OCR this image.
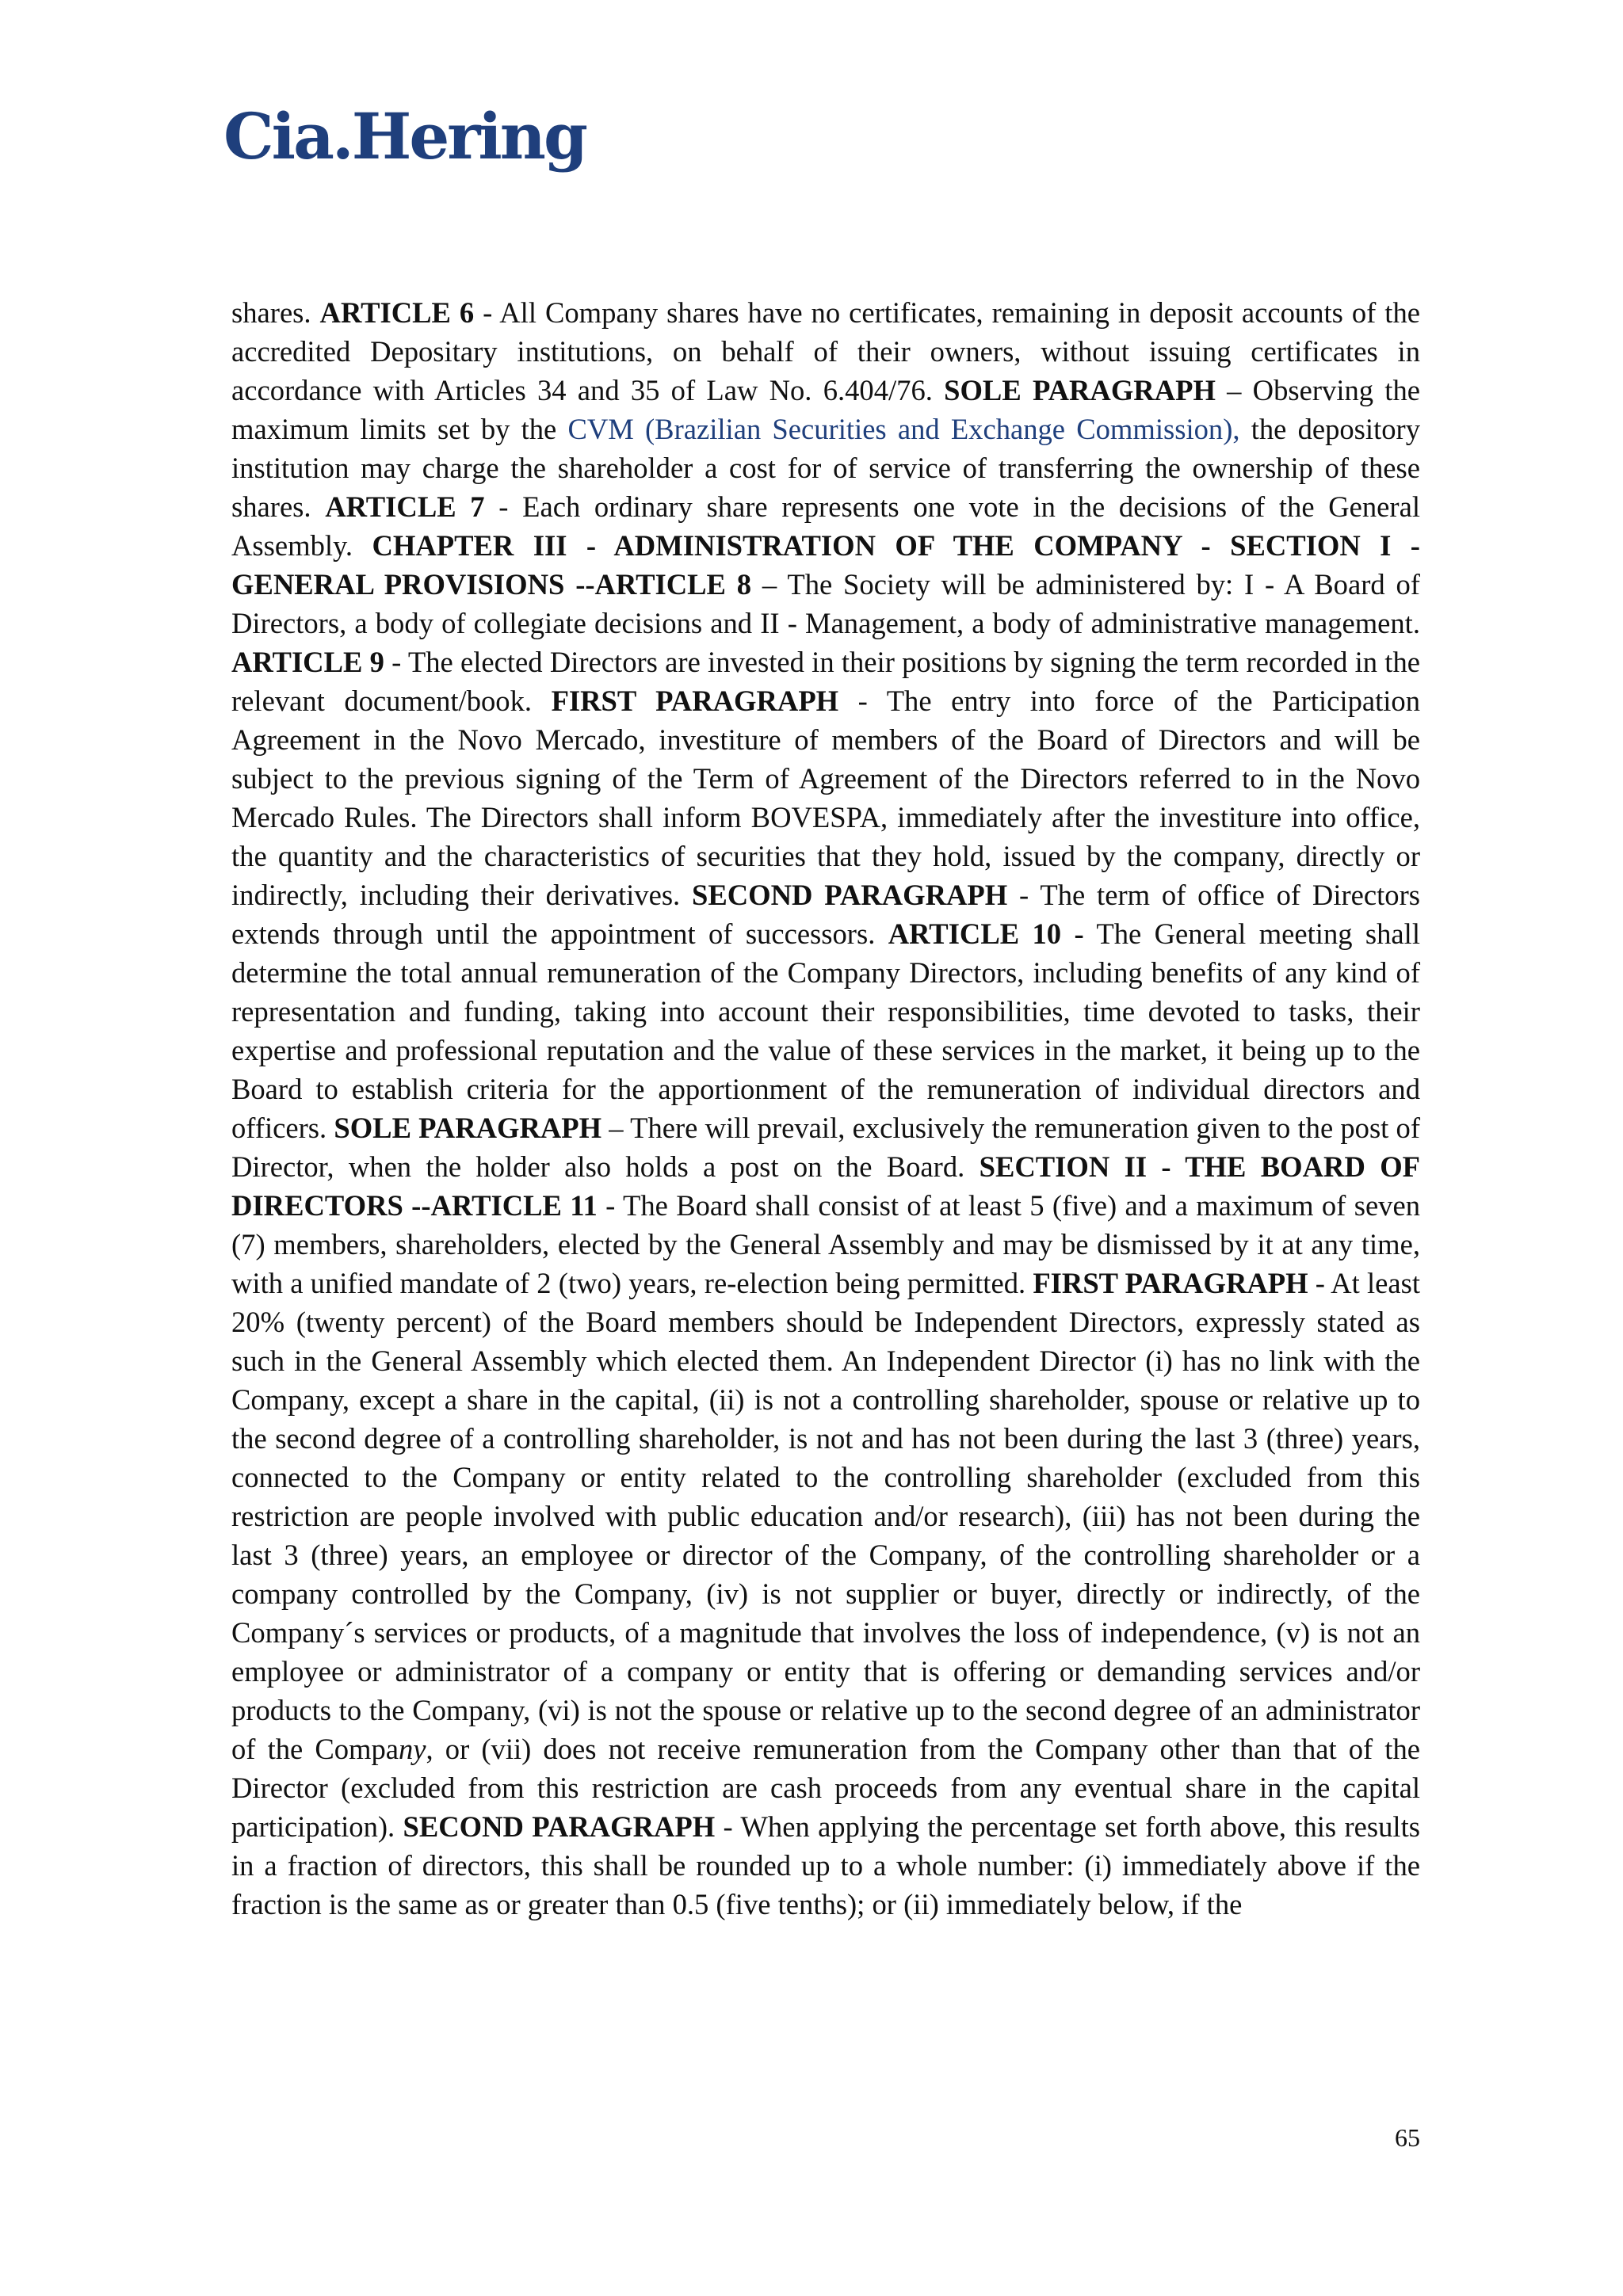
Cia.Hering

shares. ARTICLE 6 - All Company shares have no certificates, remaining in deposit accounts of the accredited Depositary institutions, on behalf of their owners, without issuing certificates in accordance with Articles 34 and 35 of Law No. 6.404/76. SOLE PARAGRAPH – Observing the maximum limits set by the CVM (Brazilian Securities and Exchange Commission), the depository institution may charge the shareholder a cost for of service of transferring the ownership of these shares. ARTICLE 7 - Each ordinary share represents one vote in the decisions of the General Assembly. CHAPTER III - ADMINISTRATION OF THE COMPANY - SECTION I - GENERAL PROVISIONS --ARTICLE 8 – The Society will be administered by: I - A Board of Directors, a body of collegiate decisions and II - Management, a body of administrative management. ARTICLE 9 - The elected Directors are invested in their positions by signing the term recorded in the relevant document/book. FIRST PARAGRAPH - The entry into force of the Participation Agreement in the Novo Mercado, investiture of members of the Board of Directors and will be subject to the previous signing of the Term of Agreement of the Directors referred to in the Novo Mercado Rules. The Directors shall inform BOVESPA, immediately after the investiture into office, the quantity and the characteristics of securities that they hold, issued by the company, directly or indirectly, including their derivatives. SECOND PARAGRAPH - The term of office of Directors extends through until the appointment of successors. ARTICLE 10 - The General meeting shall determine the total annual remuneration of the Company Directors, including benefits of any kind of representation and funding, taking into account their responsibilities, time devoted to tasks, their expertise and professional reputation and the value of these services in the market, it being up to the Board to establish criteria for the apportionment of the remuneration of individual directors and officers. SOLE PARAGRAPH – There will prevail, exclusively the remuneration given to the post of Director, when the holder also holds a post on the Board. SECTION II - THE BOARD OF DIRECTORS --ARTICLE 11 - The Board shall consist of at least 5 (five) and a maximum of seven (7) members, shareholders, elected by the General Assembly and may be dismissed by it at any time, with a unified mandate of 2 (two) years, re-election being permitted. FIRST PARAGRAPH - At least 20% (twenty percent) of the Board members should be Independent Directors, expressly stated as such in the General Assembly which elected them. An Independent Director (i) has no link with the Company, except a share in the capital, (ii) is not a controlling shareholder, spouse or relative up to the second degree of a controlling shareholder, is not and has not been during the last 3 (three) years, connected to the Company or entity related to the controlling shareholder (excluded from this restriction are people involved with public education and/or research), (iii) has not been during the last 3 (three) years, an employee or director of the Company, of the controlling shareholder or a company controlled by the Company, (iv) is not supplier or buyer, directly or indirectly, of the Company´s services or products, of a magnitude that involves the loss of independence, (v) is not an employee or administrator of a company or entity that is offering or demanding services and/or products to the Company, (vi) is not the spouse or relative up to the second degree of an administrator of the Company, or (vii) does not receive remuneration from the Company other than that of the Director (excluded from this restriction are cash proceeds from any eventual share in the capital participation). SECOND PARAGRAPH - When applying the percentage set forth above, this results in a fraction of directors, this shall be rounded up to a whole number: (i) immediately above if the fraction is the same as or greater than 0.5 (five tenths); or (ii) immediately below, if the

65
